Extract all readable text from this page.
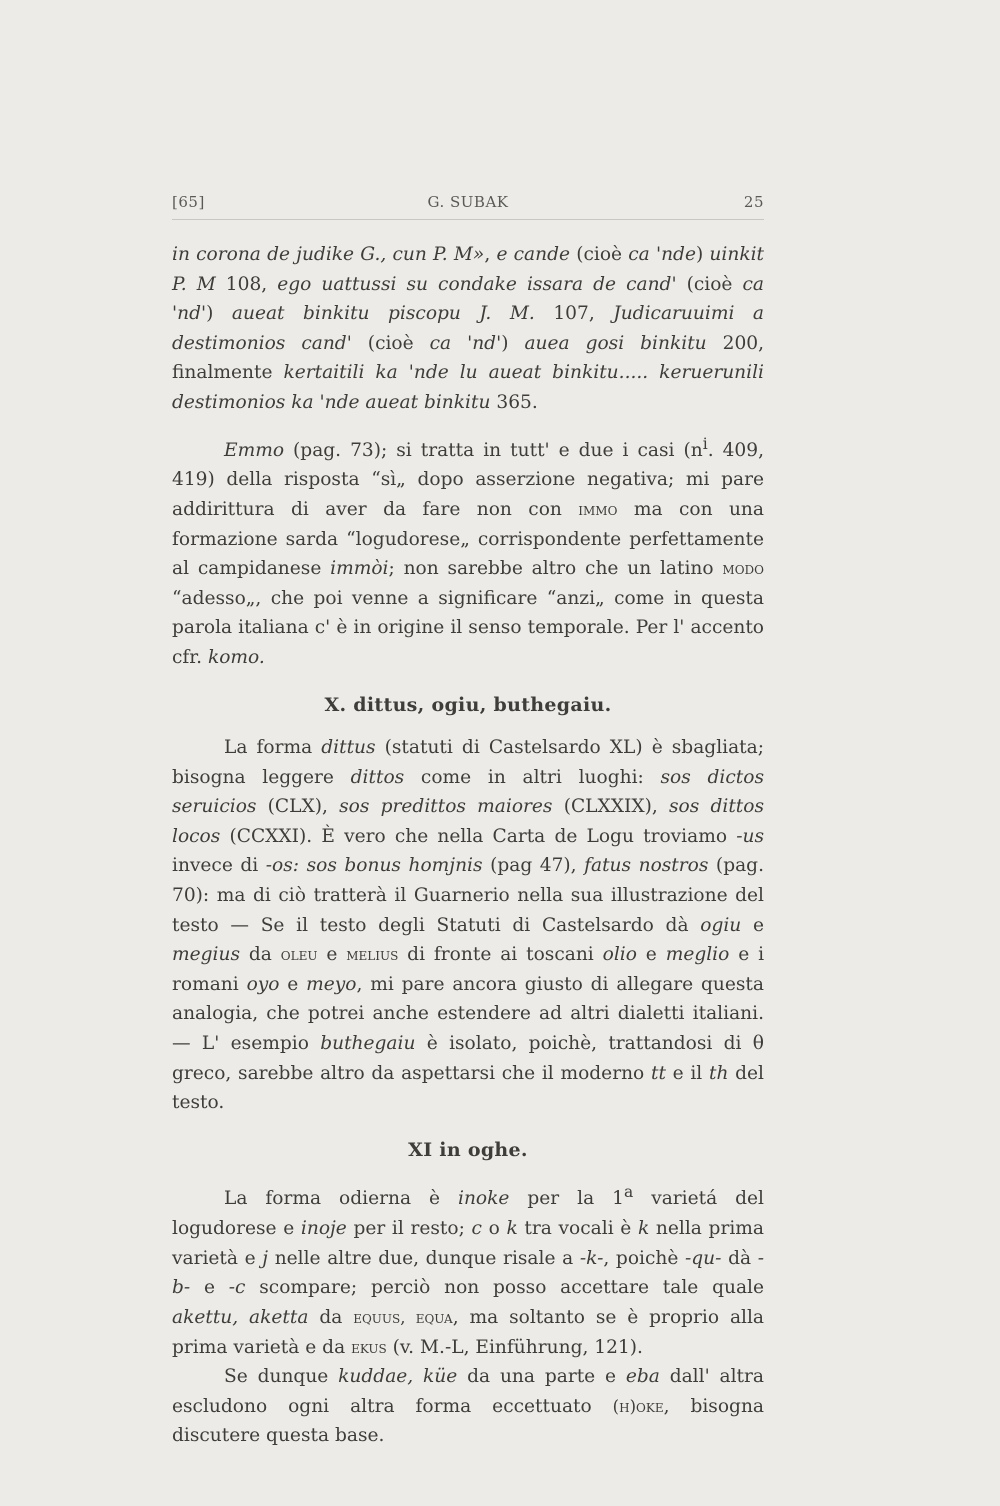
[65]	G. SUBAK	25

in corona de judike G., cun P. M», e cande (cioè ca 'nde) uinkit P. M 108, ego uattussi su condake issara de cand' (cioè ca 'nd') aueat binkitu piscopu J. M. 107, Judicaruuimi a destimonios cand' (cioè ca 'nd') auea gosi binkitu 200, finalmente kertaitili ka 'nde lu aueat binkitu..... keruerunili destimonios ka 'nde aueat binkitu 365.

Emmo (pag. 73); si tratta in tutt' e due i casi ($n^i$. 409, 419) della risposta “sì„ dopo asserzione negativa; mi pare addirittura di aver da fare non con immo ma con una formazione sarda “logudorese„ corrispondente perfettamente al campidanese immòi; non sarebbe altro che un latino modo “adesso„, che poi venne a significare “anzi„ come in questa parola italiana c' è in origine il senso temporale. Per l' accento cfr. komo.

X. dittus, ogiu, buthegaiu.

La forma dittus (statuti di Castelsardo XL) è sbagliata; bisogna leggere dittos come in altri luoghi: sos dictos seruicios (CLX), sos predittos maiores (CLXXIX), sos dittos locos (CCXXI). È vero che nella Carta de Logu troviamo -us invece di -os: sos bonus homjnis (pag 47), fatus nostros (pag. 70): ma di ciò tratterà il Guarnerio nella sua illustrazione del testo — Se il testo degli Statuti di Castelsardo dà ogiu e megius da oleu e melius di fronte ai toscani olio e meglio e i romani oyo e meyo, mi pare ancora giusto di allegare questa analogia, che potrei anche estendere ad altri dialetti italiani. — L' esempio buthegaiu è isolato, poichè, trattandosi di θ greco, sarebbe altro da aspettarsi che il moderno tt e il th del testo.

XI in oghe.

La forma odierna è inoke per la 1$^a$ varietá del logudorese e inoje per il resto; c o k tra vocali è k nella prima varietà e j nelle altre due, dunque risale a -k-, poichè -qu- dà -b- e -c scompare; perciò non posso accettare tale quale akettu, aketta da equus, equa, ma soltanto se è proprio alla prima varietà e da ekus (v. M.-L, Einführung, 121).

Se dunque kuddae, küe da una parte e eba dall' altra escludono ogni altra forma eccettuato (h)oke, bisogna discutere questa base.
